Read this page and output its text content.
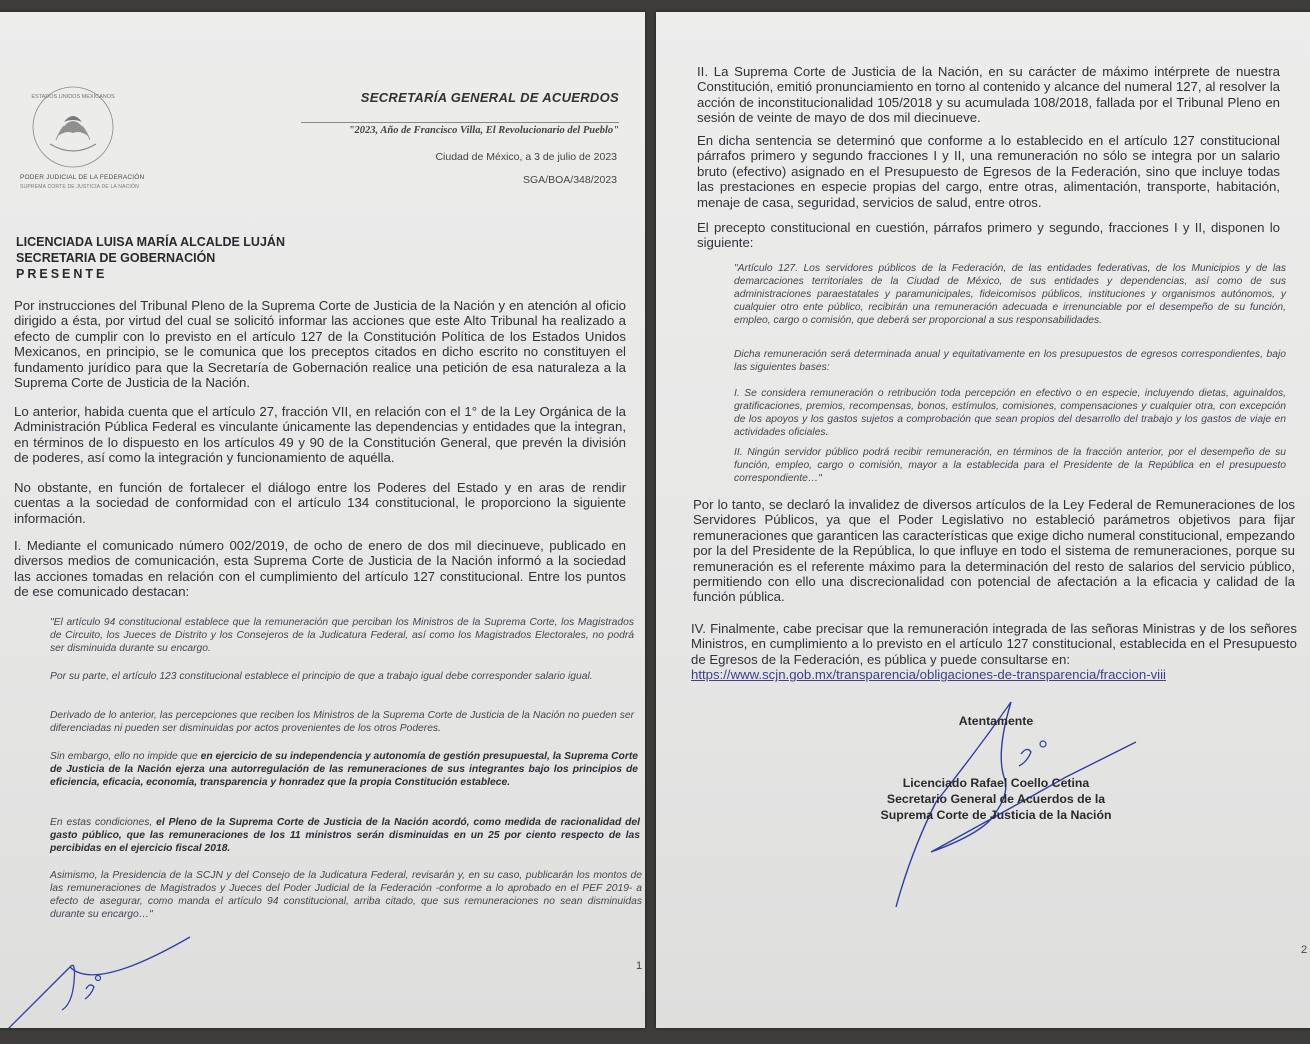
ESTADOS UNIDOS MEXICANOS
PODER JUDICIAL DE LA FEDERACIÓN
SUPREMA CORTE DE JUSTICIA DE LA NACIÓN
SECRETARÍA GENERAL DE ACUERDOS
"2023, Año de Francisco Villa, El Revolucionario del Pueblo"
Ciudad de México, a 3 de julio de 2023
SGA/BOA/348/2023
LICENCIADA LUISA MARÍA ALCALDE LUJÁN
SECRETARIA DE GOBERNACIÓN
PRESENTE
Por instrucciones del Tribunal Pleno de la Suprema Corte de Justicia de la Nación y en atención al oficio dirigido a ésta, por virtud del cual se solicitó informar las acciones que este Alto Tribunal ha realizado a efecto de cumplir con lo previsto en el artículo 127 de la Constitución Política de los Estados Unidos Mexicanos, en principio, se le comunica que los preceptos citados en dicho escrito no constituyen el fundamento jurídico para que la Secretaría de Gobernación realice una petición de esa naturaleza a la Suprema Corte de Justicia de la Nación.
Lo anterior, habida cuenta que el artículo 27, fracción VII, en relación con el 1° de la Ley Orgánica de la Administración Pública Federal es vinculante únicamente las dependencias y entidades que la integran, en términos de lo dispuesto en los artículos 49 y 90 de la Constitución General, que prevén la división de poderes, así como la integración y funcionamiento de aquélla.
No obstante, en función de fortalecer el diálogo entre los Poderes del Estado y en aras de rendir cuentas a la sociedad de conformidad con el artículo 134 constitucional, le proporciono la siguiente información.
I. Mediante el comunicado número 002/2019, de ocho de enero de dos mil diecinueve, publicado en diversos medios de comunicación, esta Suprema Corte de Justicia de la Nación informó a la sociedad las acciones tomadas en relación con el cumplimiento del artículo 127 constitucional. Entre los puntos de ese comunicado destacan:
"El artículo 94 constitucional establece que la remuneración que perciban los Ministros de la Suprema Corte, los Magistrados de Circuito, los Jueces de Distrito y los Consejeros de la Judicatura Federal, así como los Magistrados Electorales, no podrá ser disminuida durante su encargo.
Por su parte, el artículo 123 constitucional establece el principio de que a trabajo igual debe corresponder salario igual.
Derivado de lo anterior, las percepciones que reciben los Ministros de la Suprema Corte de Justicia de la Nación no pueden ser diferenciadas ni pueden ser disminuidas por actos provenientes de los otros Poderes.
Sin embargo, ello no impide que en ejercicio de su independencia y autonomía de gestión presupuestal, la Suprema Corte de Justicia de la Nación ejerza una autorregulación de las remuneraciones de sus integrantes bajo los principios de eficiencia, eficacia, economía, transparencia y honradez que la propia Constitución establece.
En estas condiciones, el Pleno de la Suprema Corte de Justicia de la Nación acordó, como medida de racionalidad del gasto público, que las remuneraciones de los 11 ministros serán disminuidas en un 25 por ciento respecto de las percibidas en el ejercicio fiscal 2018.
Asimismo, la Presidencia de la SCJN y del Consejo de la Judicatura Federal, revisarán y, en su caso, publicarán los montos de las remuneraciones de Magistrados y Jueces del Poder Judicial de la Federación -conforme a lo aprobado en el PEF 2019- a efecto de asegurar, como manda el artículo 94 constitucional, arriba citado, que sus remuneraciones no sean disminuidas durante su encargo…"
1
II. La Suprema Corte de Justicia de la Nación, en su carácter de máximo intérprete de nuestra Constitución, emitió pronunciamiento en torno al contenido y alcance del numeral 127, al resolver la acción de inconstitucionalidad 105/2018 y su acumulada 108/2018, fallada por el Tribunal Pleno en sesión de veinte de mayo de dos mil diecinueve.
En dicha sentencia se determinó que conforme a lo establecido en el artículo 127 constitucional párrafos primero y segundo fracciones I y II, una remuneración no sólo se integra por un salario bruto (efectivo) asignado en el Presupuesto de Egresos de la Federación, sino que incluye todas las prestaciones en especie propias del cargo, entre otras, alimentación, transporte, habitación, menaje de casa, seguridad, servicios de salud, entre otros.
El precepto constitucional en cuestión, párrafos primero y segundo, fracciones I y II, disponen lo siguiente:
"Artículo 127. Los servidores públicos de la Federación, de las entidades federativas, de los Municipios y de las demarcaciones territoriales de la Ciudad de México, de sus entidades y dependencias, así como de sus administraciones paraestatales y paramunicipales, fideicomisos públicos, instituciones y organismos autónomos, y cualquier otro ente público, recibirán una remuneración adecuada e irrenunciable por el desempeño de su función, empleo, cargo o comisión, que deberá ser proporcional a sus responsabilidades.
Dicha remuneración será determinada anual y equitativamente en los presupuestos de egresos correspondientes, bajo las siguientes bases:
I. Se considera remuneración o retribución toda percepción en efectivo o en especie, incluyendo dietas, aguinaldos, gratificaciones, premios, recompensas, bonos, estímulos, comisiones, compensaciones y cualquier otra, con excepción de los apoyos y los gastos sujetos a comprobación que sean propios del desarrollo del trabajo y los gastos de viaje en actividades oficiales.
II. Ningún servidor público podrá recibir remuneración, en términos de la fracción anterior, por el desempeño de su función, empleo, cargo o comisión, mayor a la establecida para el Presidente de la República en el presupuesto correspondiente…"
Por lo tanto, se declaró la invalidez de diversos artículos de la Ley Federal de Remuneraciones de los Servidores Públicos, ya que el Poder Legislativo no estableció parámetros objetivos para fijar remuneraciones que garanticen las características que exige dicho numeral constitucional, empezando por la del Presidente de la República, lo que influye en todo el sistema de remuneraciones, porque su remuneración es el referente máximo para la determinación del resto de salarios del servicio público, permitiendo con ello una discrecionalidad con potencial de afectación a la eficacia y calidad de la función pública.
IV. Finalmente, cabe precisar que la remuneración integrada de las señoras Ministras y de los señores Ministros, en cumplimiento a lo previsto en el artículo 127 constitucional, establecida en el Presupuesto de Egresos de la Federación, es pública y puede consultarse en:
https://www.scjn.gob.mx/transparencia/obligaciones-de-transparencia/fraccion-viii
Atentamente
Licenciado Rafael Coello Cetina
Secretario General de Acuerdos de la
Suprema Corte de Justicia de la Nación
2
